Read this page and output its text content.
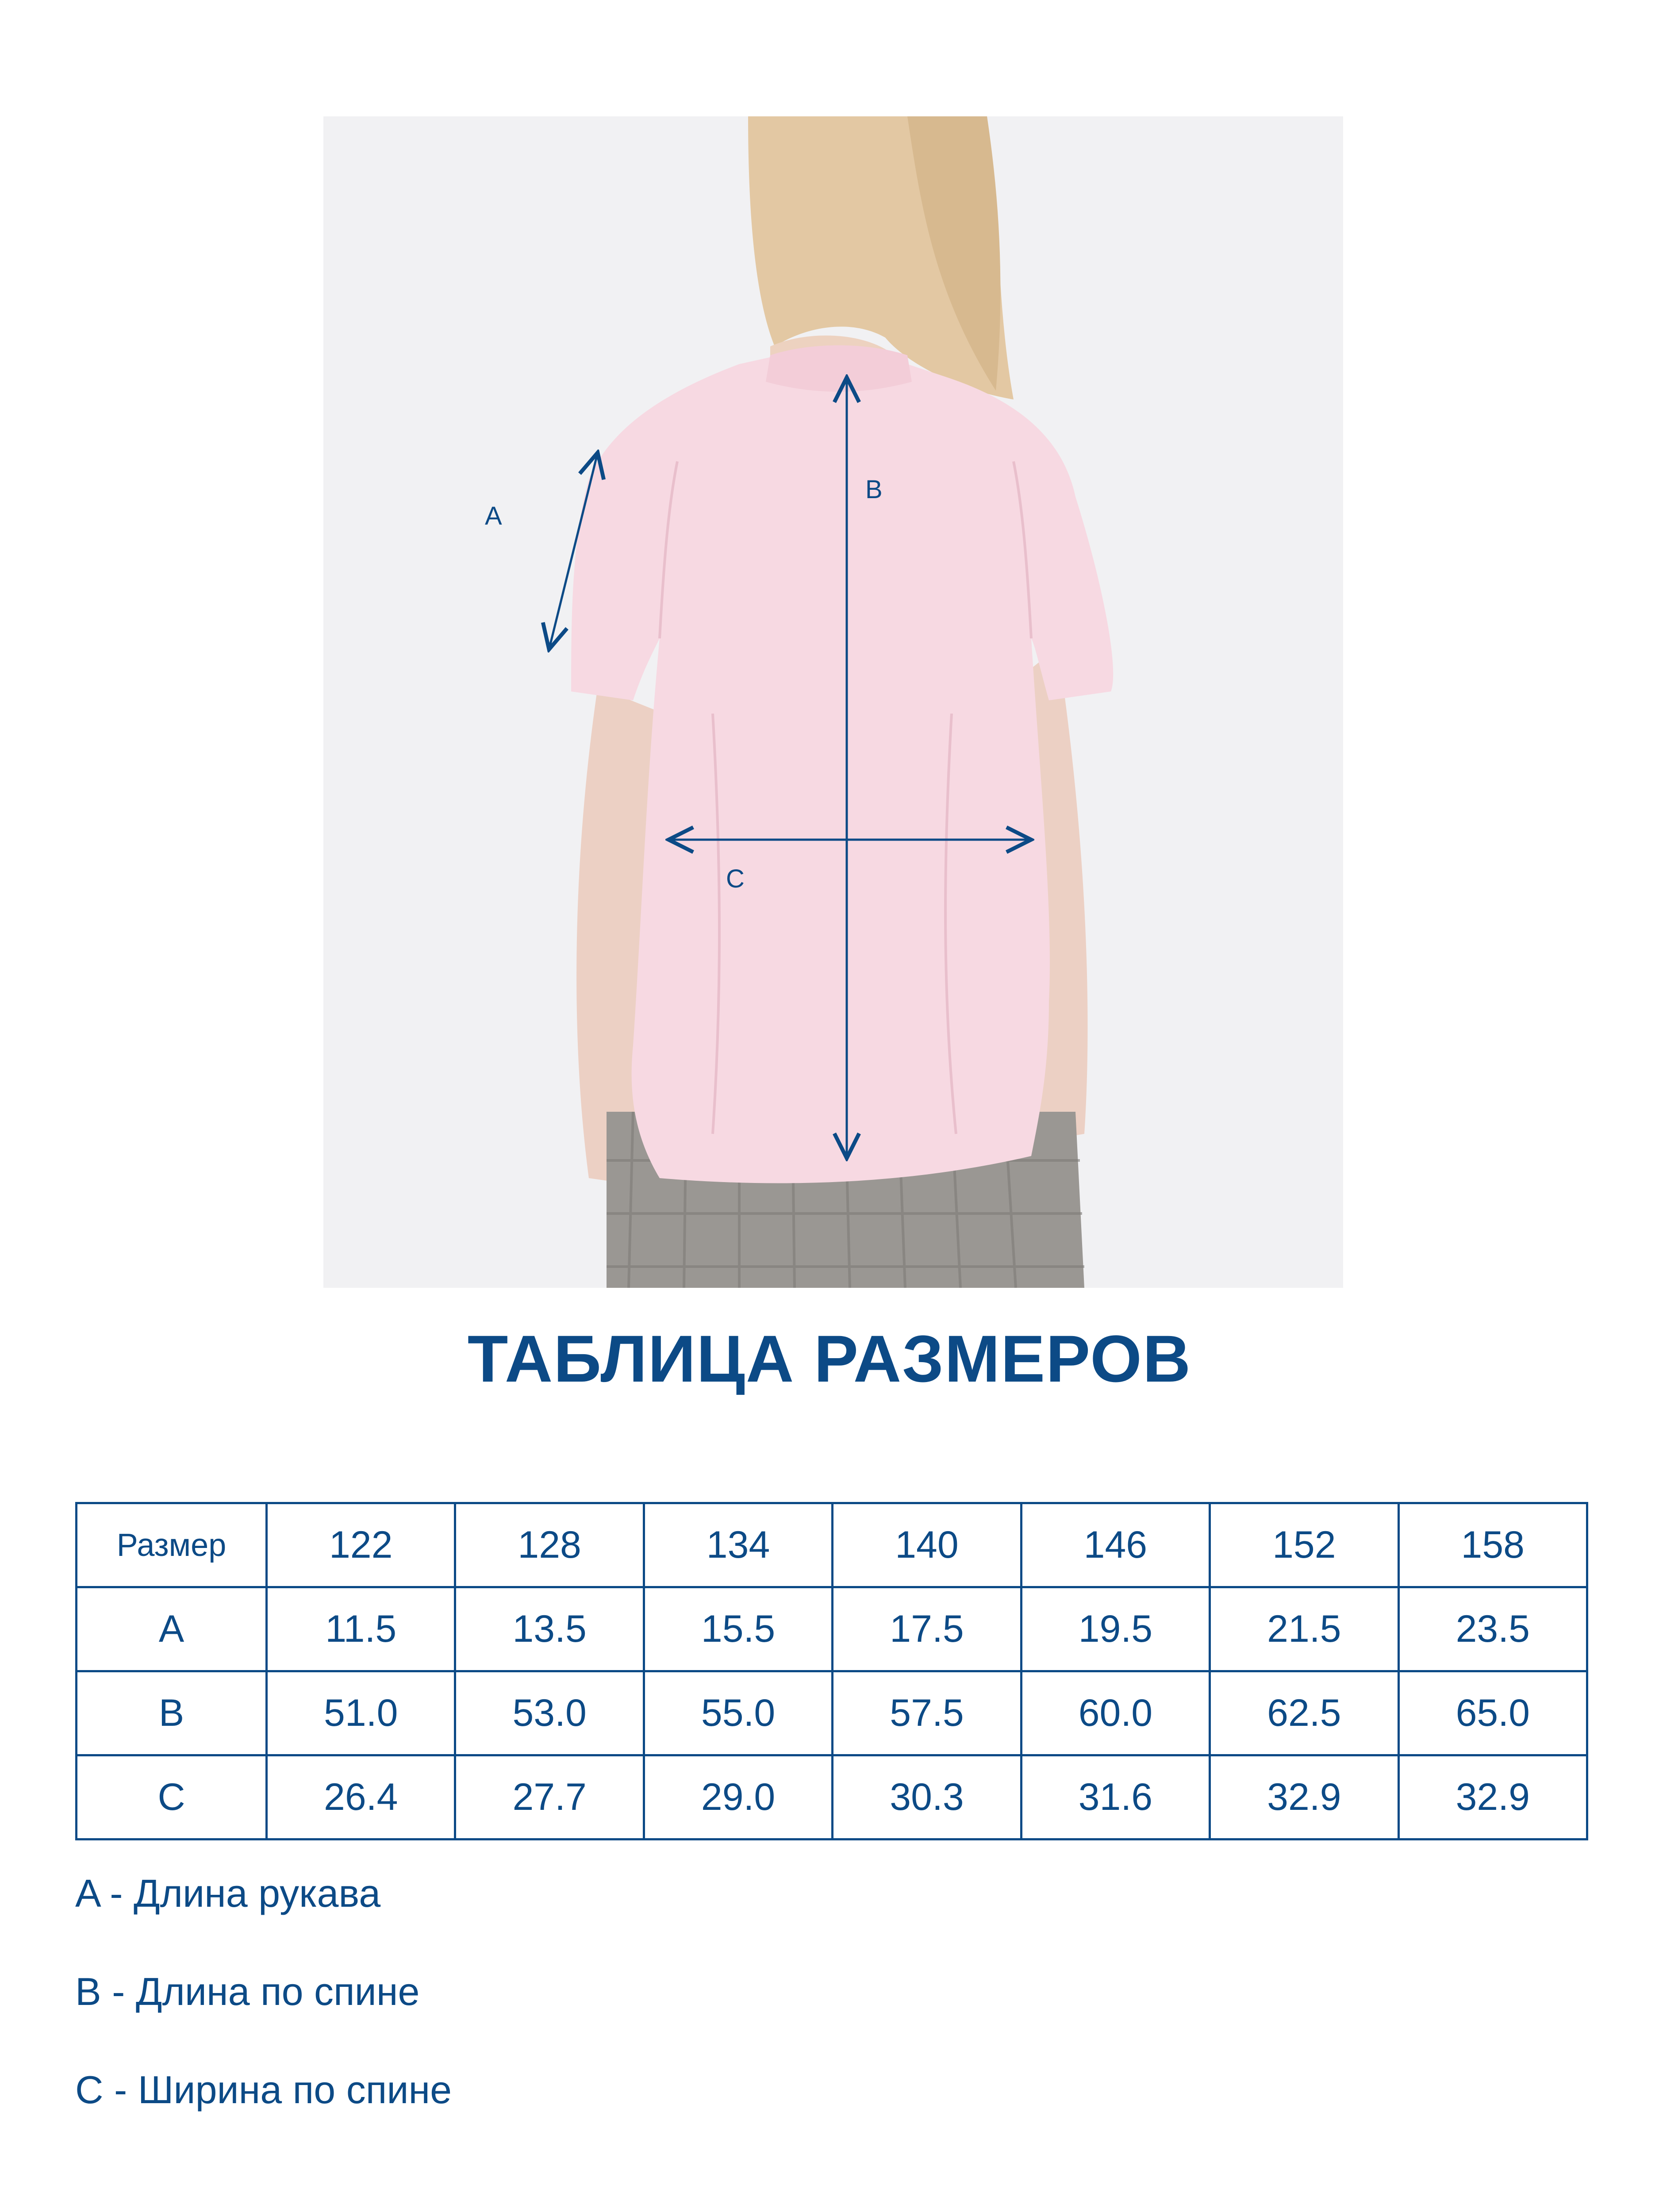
A
B
C
ТАБЛИЦА РАЗМЕРОВ
Размер	122	128	134	140	146	152	158
A	11.5	13.5	15.5	17.5	19.5	21.5	23.5
B	51.0	53.0	55.0	57.5	60.0	62.5	65.0
C	26.4	27.7	29.0	30.3	31.6	32.9	32.9
A - Длина рукава
B - Длина по спине
C - Ширина по спине
